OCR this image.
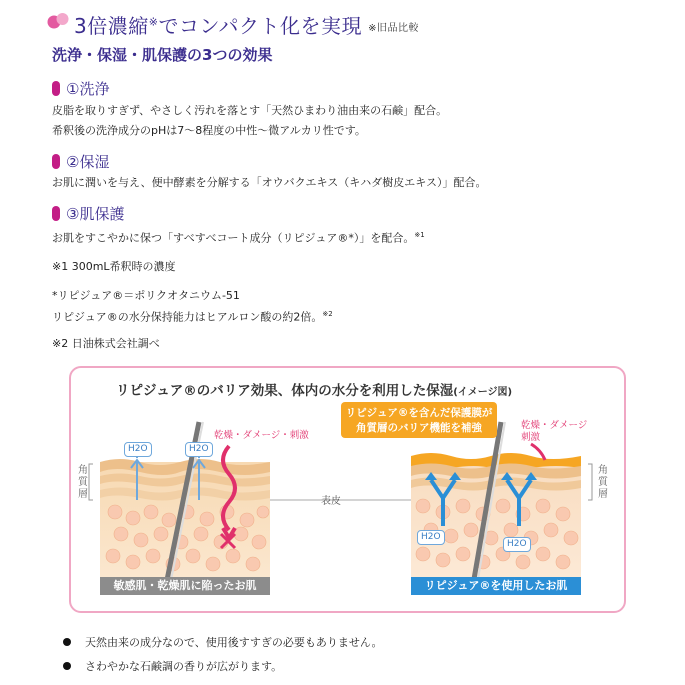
3倍濃縮※でコンパクト化を実現 ※旧品比較
洗浄・保湿・肌保護の3つの効果
①洗浄
皮脂を取りすぎず、やさしく汚れを落とす「天然ひまわり油由来の石鹸」配合。
希釈後の洗浄成分のpHは7～8程度の中性～微アルカリ性です。
②保湿
お肌に潤いを与え、便中酵素を分解する「オウバクエキス（キハダ樹皮エキス）」配合。
③肌保護
お肌をすこやかに保つ「すべすべコート成分（リピジュア®*）」を配合。$^{※1}$
※1 300mL希釈時の濃度
*リピジュア®＝ポリクオタニウム-51
リピジュア®の水分保持能力はヒアルロン酸の約2倍。$^{※2}$
※2 日油株式会社調べ
リピジュア®のバリア効果、体内の水分を利用した保湿(イメージ図)
乾燥・ダメージ・刺激
リピジュア®を含んだ保護膜が
角質層のバリア機能を補強	乾燥・ダメージ
刺激
表皮
角質層
角質層
H2O	H2O
H2O
H2O
敏感肌・乾燥肌に陥ったお肌	リピジュア®を使用したお肌
天然由来の成分なので、使用後すすぎの必要もありません。
さわやかな石鹸調の香りが広がります。
